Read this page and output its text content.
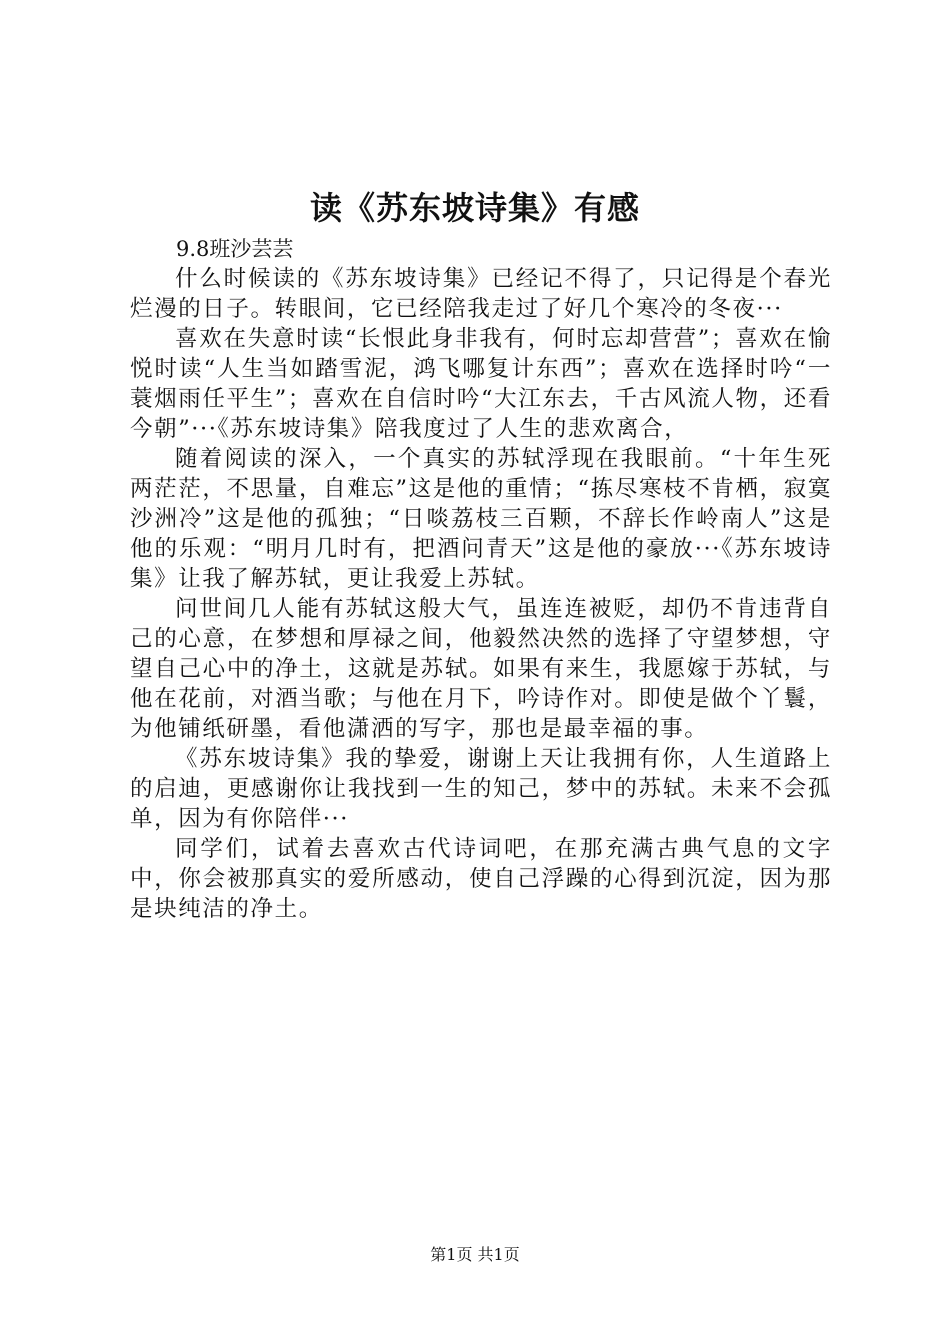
读《苏东坡诗集》有感
9.8班沙芸芸

什么时候读的《苏东坡诗集》已经记不得了，只记得是个春光烂漫的日子。转眼间，它已经陪我走过了好几个寒冷的冬夜···

喜欢在失意时读“长恨此身非我有，何时忘却营营”；喜欢在愉悦时读“人生当如踏雪泥，鸿飞哪复计东西”；喜欢在选择时吟“一蓑烟雨任平生”；喜欢在自信时吟“大江东去，千古风流人物，还看今朝”···《苏东坡诗集》陪我度过了人生的悲欢离合，

随着阅读的深入，一个真实的苏轼浮现在我眼前。“十年生死两茫茫，不思量，自难忘”这是他的重情；“拣尽寒枝不肯栖，寂寞沙洲冷”这是他的孤独；“日啖荔枝三百颗，不辞长作岭南人”这是他的乐观：“明月几时有，把酒问青天”这是他的豪放···《苏东坡诗集》让我了解苏轼，更让我爱上苏轼。

问世间几人能有苏轼这般大气，虽连连被贬，却仍不肯违背自己的心意，在梦想和厚禄之间，他毅然决然的选择了守望梦想，守望自己心中的净土，这就是苏轼。如果有来生，我愿嫁于苏轼，与他在花前，对酒当歌；与他在月下，吟诗作对。即使是做个丫鬟，为他铺纸研墨，看他潇洒的写字，那也是最幸福的事。

《苏东坡诗集》我的挚爱，谢谢上天让我拥有你，人生道路上的启迪，更感谢你让我找到一生的知己，梦中的苏轼。未来不会孤单，因为有你陪伴···

同学们，试着去喜欢古代诗词吧，在那充满古典气息的文字中，你会被那真实的爱所感动，使自己浮躁的心得到沉淀，因为那是块纯洁的净土。

第1页 共1页
